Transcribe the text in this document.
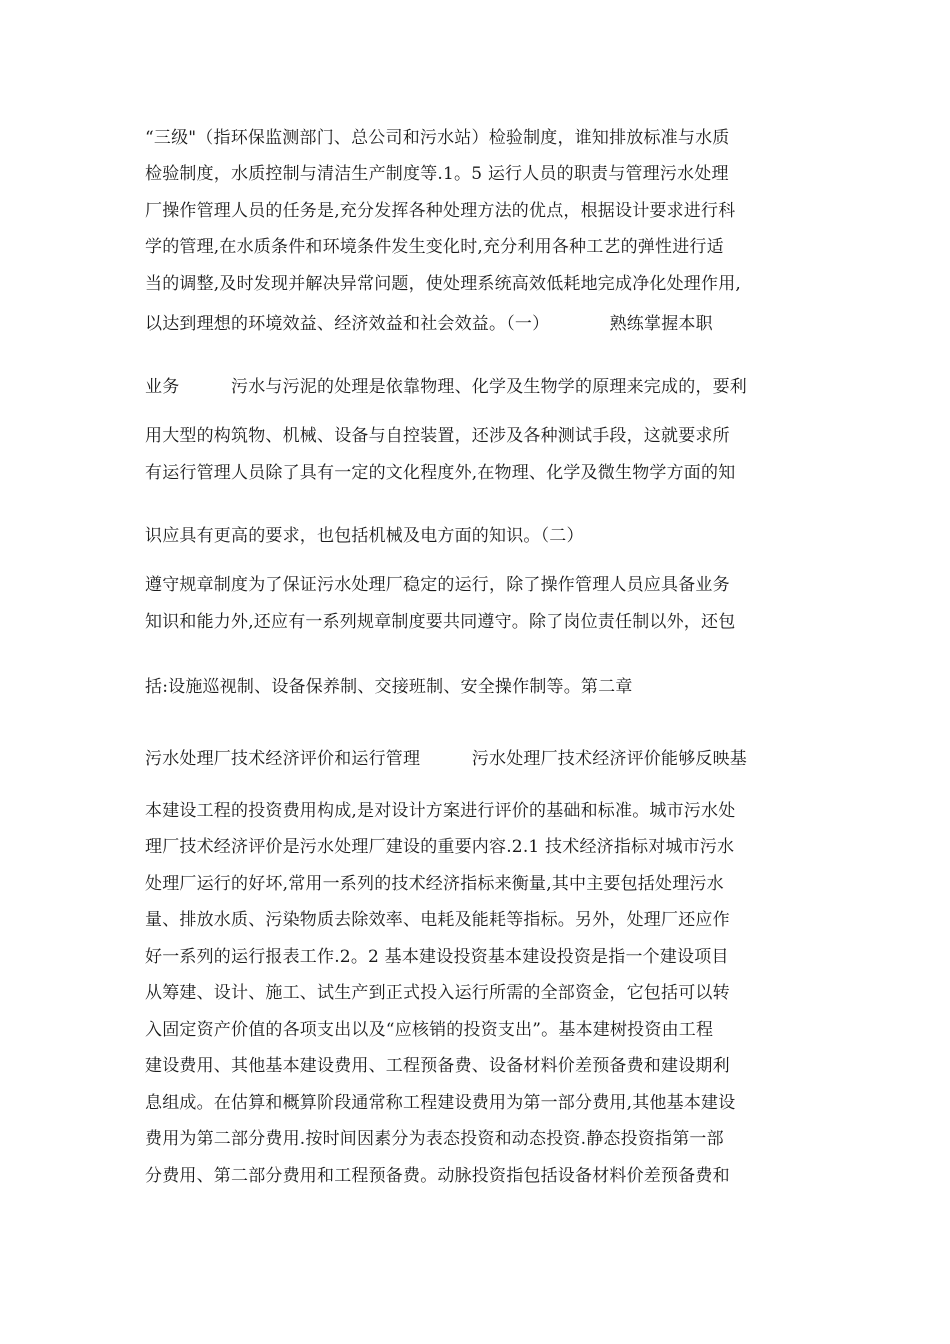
“三级"（指环保监测部门、总公司和污水站）检验制度，谁知排放标准与水质
检验制度，水质控制与清洁生产制度等.1。5 运行人员的职责与管理污水处理
厂操作管理人员的任务是,充分发挥各种处理方法的优点，根据设计要求进行科
学的管理,在水质条件和环境条件发生变化时,充分利用各种工艺的弹性进行适
当的调整,及时发现并解决异常问题，使处理系统高效低耗地完成净化处理作用,
以达到理想的环境效益、经济效益和社会效益。（一）　　　　熟练掌握本职
业务　　　污水与污泥的处理是依靠物理、化学及生物学的原理来完成的，要利
用大型的构筑物、机械、设备与自控装置，还涉及各种测试手段，这就要求所
有运行管理人员除了具有一定的文化程度外,在物理、化学及微生物学方面的知
识应具有更高的要求，也包括机械及电方面的知识。（二）
遵守规章制度为了保证污水处理厂稳定的运行，除了操作管理人员应具备业务
知识和能力外,还应有一系列规章制度要共同遵守。除了岗位责任制以外，还包
括:设施巡视制、设备保养制、交接班制、安全操作制等。第二章
污水处理厂技术经济评价和运行管理　　　污水处理厂技术经济评价能够反映基
本建设工程的投资费用构成,是对设计方案进行评价的基础和标准。城市污水处
理厂技术经济评价是污水处理厂建设的重要内容.2.1 技术经济指标对城市污水
处理厂运行的好坏,常用一系列的技术经济指标来衡量,其中主要包括处理污水
量、排放水质、污染物质去除效率、电耗及能耗等指标。另外，处理厂还应作
好一系列的运行报表工作.2。2 基本建设投资基本建设投资是指一个建设项目
从筹建、设计、施工、试生产到正式投入运行所需的全部资金，它包括可以转
入固定资产价值的各项支出以及“应核销的投资支出”。基本建树投资由工程
建设费用、其他基本建设费用、工程预备费、设备材料价差预备费和建设期利
息组成。在估算和概算阶段通常称工程建设费用为第一部分费用,其他基本建设
费用为第二部分费用.按时间因素分为表态投资和动态投资.静态投资指第一部
分费用、第二部分费用和工程预备费。动脉投资指包括设备材料价差预备费和
